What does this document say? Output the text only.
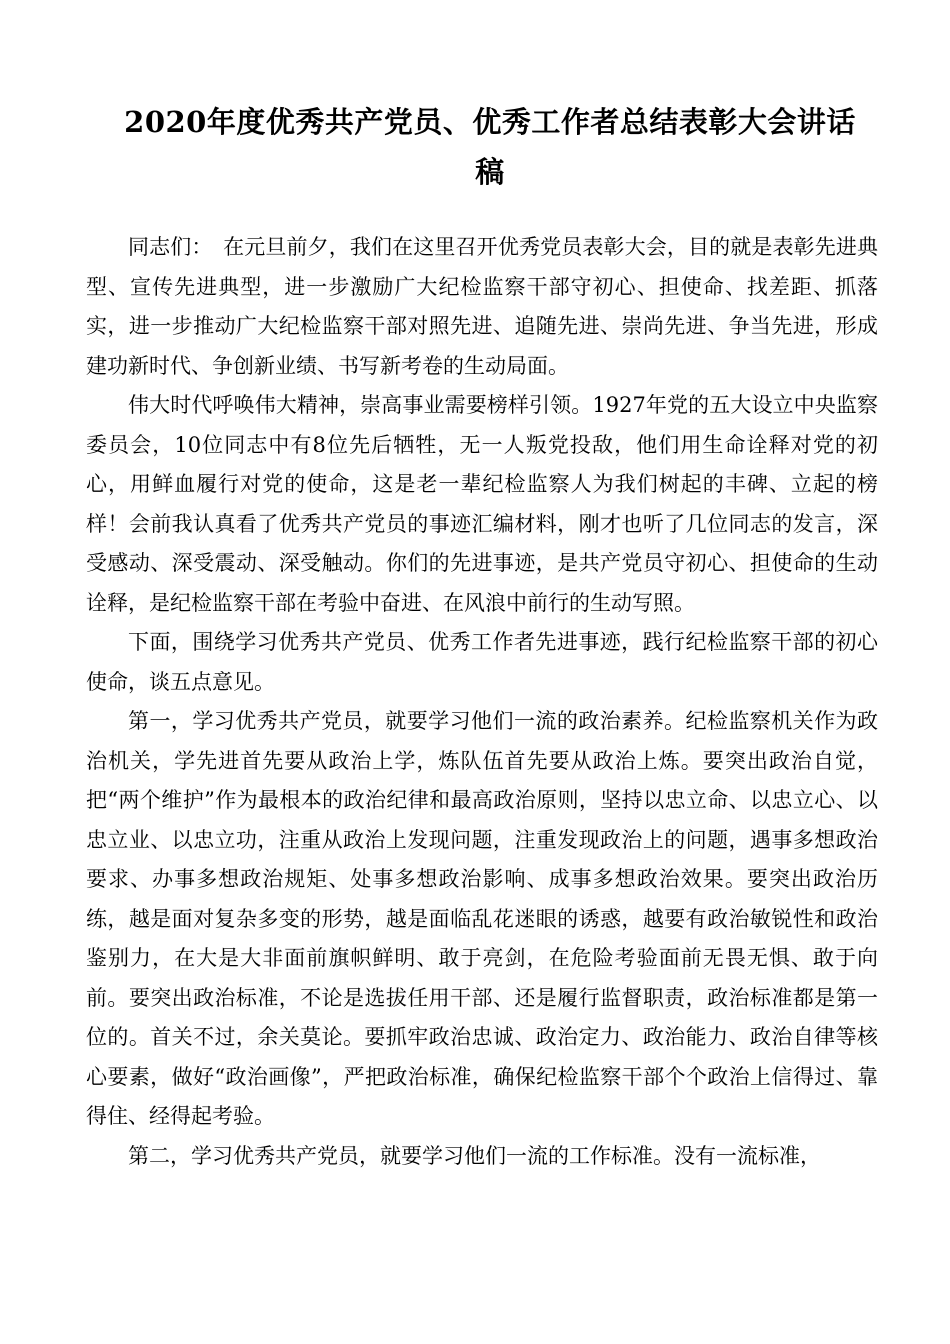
2020年度优秀共产党员、优秀工作者总结表彰大会讲话
稿

同志们：　在元旦前夕，我们在这里召开优秀党员表彰大会，目的就是表彰先进典型、宣传先进典型，进一步激励广大纪检监察干部守初心、担使命、找差距、抓落实，进一步推动广大纪检监察干部对照先进、追随先进、崇尚先进、争当先进，形成建功新时代、争创新业绩、书写新考卷的生动局面。

伟大时代呼唤伟大精神，崇高事业需要榜样引领。1927年党的五大设立中央监察委员会，10位同志中有8位先后牺牲，无一人叛党投敌，他们用生命诠释对党的初心，用鲜血履行对党的使命，这是老一辈纪检监察人为我们树起的丰碑、立起的榜样！会前我认真看了优秀共产党员的事迹汇编材料，刚才也听了几位同志的发言，深受感动、深受震动、深受触动。你们的先进事迹，是共产党员守初心、担使命的生动诠释，是纪检监察干部在考验中奋进、在风浪中前行的生动写照。

下面，围绕学习优秀共产党员、优秀工作者先进事迹，践行纪检监察干部的初心使命，谈五点意见。

第一，学习优秀共产党员，就要学习他们一流的政治素养。纪检监察机关作为政治机关，学先进首先要从政治上学，炼队伍首先要从政治上炼。要突出政治自觉，把“两个维护”作为最根本的政治纪律和最高政治原则，坚持以忠立命、以忠立心、以忠立业、以忠立功，注重从政治上发现问题，注重发现政治上的问题，遇事多想政治要求、办事多想政治规矩、处事多想政治影响、成事多想政治效果。要突出政治历练，越是面对复杂多变的形势，越是面临乱花迷眼的诱惑，越要有政治敏锐性和政治鉴别力，在大是大非面前旗帜鲜明、敢于亮剑，在危险考验面前无畏无惧、敢于向前。要突出政治标准，不论是选拔任用干部、还是履行监督职责，政治标准都是第一位的。首关不过，余关莫论。要抓牢政治忠诚、政治定力、政治能力、政治自律等核心要素，做好“政治画像”，严把政治标准，确保纪检监察干部个个政治上信得过、靠得住、经得起考验。

第二，学习优秀共产党员，就要学习他们一流的工作标准。没有一流标准，
